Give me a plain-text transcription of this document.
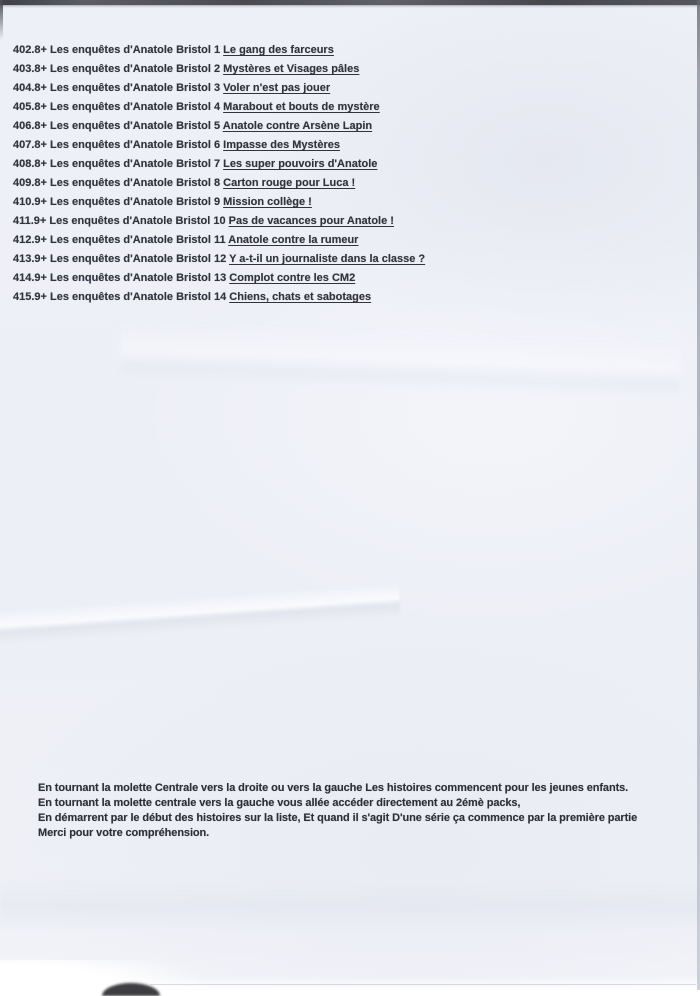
402.8+ Les enquêtes d'Anatole Bristol 1 Le gang des farceurs
403.8+ Les enquêtes d'Anatole Bristol 2 Mystères et Visages pâles
404.8+ Les enquêtes d'Anatole Bristol 3 Voler n'est pas jouer
405.8+ Les enquêtes d'Anatole Bristol 4 Marabout et bouts de mystère
406.8+ Les enquêtes d'Anatole Bristol 5 Anatole contre Arsène Lapin
407.8+ Les enquêtes d'Anatole Bristol 6 Impasse des Mystères
408.8+ Les enquêtes d'Anatole Bristol 7 Les super pouvoirs d'Anatole
409.8+ Les enquêtes d'Anatole Bristol 8 Carton rouge pour Luca !
410.9+ Les enquêtes d'Anatole Bristol 9 Mission collège !
411.9+ Les enquêtes d'Anatole Bristol 10 Pas de vacances pour Anatole !
412.9+ Les enquêtes d'Anatole Bristol 11 Anatole contre la rumeur
413.9+ Les enquêtes d'Anatole Bristol 12 Y a-t-il un journaliste dans la classe ?
414.9+ Les enquêtes d'Anatole Bristol 13 Complot contre les CM2
415.9+ Les enquêtes d'Anatole Bristol 14 Chiens, chats et sabotages
En tournant la molette Centrale vers la droite ou vers la gauche Les histoires commencent pour les jeunes enfants.
En tournant la molette centrale vers la gauche vous allée accéder directement au 2émè packs,
En démarrent par le début des histoires sur la liste, Et quand il s'agit D'une série ça commence par la première partie
Merci pour votre compréhension.
